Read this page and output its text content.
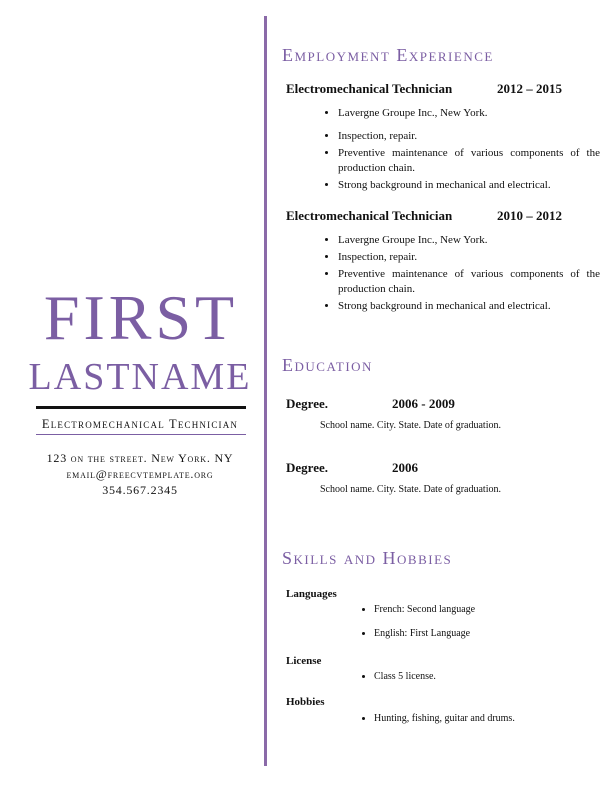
FIRST
LASTNAME
Electromechanical Technician
123 on the street. New York. NY
email@freecvtemplate.org
354.567.2345
Employment Experience
Electromechanical Technician	2012 – 2015
• Lavergne Groupe Inc., New York.
• Inspection, repair.
• Preventive maintenance of various components of the production chain.
• Strong background in mechanical and electrical.
Electromechanical Technician	2010 – 2012
• Lavergne Groupe Inc., New York.
• Inspection, repair.
• Preventive maintenance of various components of the production chain.
• Strong background in mechanical and electrical.
Education
Degree.	2006 - 2009
School name. City. State. Date of graduation.
Degree.	2006
School name. City. State. Date of graduation.
Skills and Hobbies
Languages
• French: Second language
• English: First Language
License
• Class 5 license.
Hobbies
• Hunting, fishing, guitar and drums.
